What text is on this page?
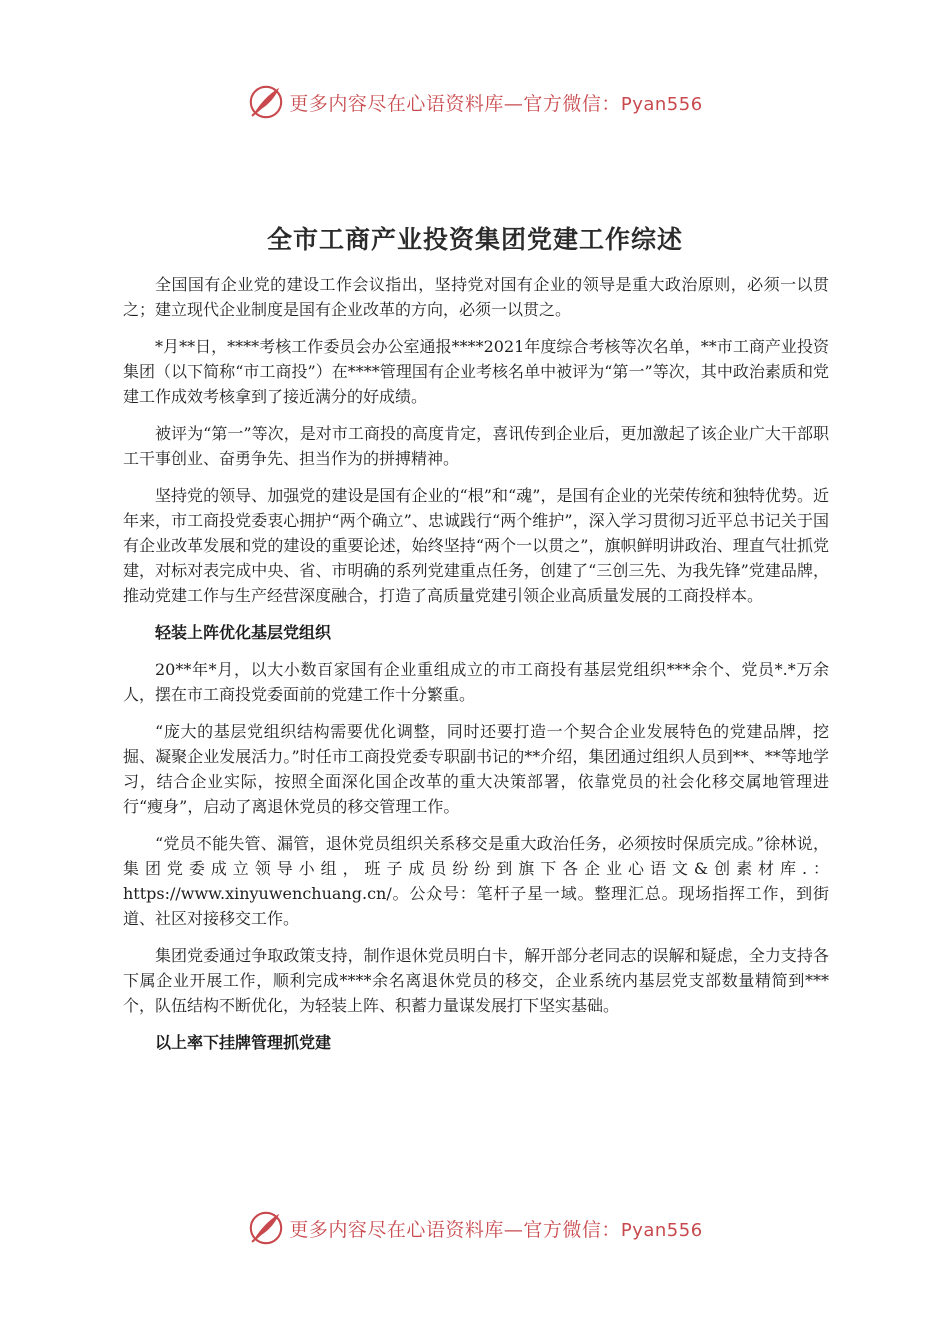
更多内容尽在心语资料库—官方微信：Pyan556
全市工商产业投资集团党建工作综述

全国国有企业党的建设工作会议指出，坚持党对国有企业的领导是重大政治原则，必须一以贯之；建立现代企业制度是国有企业改革的方向，必须一以贯之。

*月**日，****考核工作委员会办公室通报****2021年度综合考核等次名单，**市工商产业投资集团（以下简称“市工商投”）在****管理国有企业考核名单中被评为“第一”等次，其中政治素质和党建工作成效考核拿到了接近满分的好成绩。

被评为“第一”等次，是对市工商投的高度肯定，喜讯传到企业后，更加激起了该企业广大干部职工干事创业、奋勇争先、担当作为的拼搏精神。

坚持党的领导、加强党的建设是国有企业的“根”和“魂”，是国有企业的光荣传统和独特优势。近年来，市工商投党委衷心拥护“两个确立”、忠诚践行“两个维护”，深入学习贯彻习近平总书记关于国有企业改革发展和党的建设的重要论述，始终坚持“两个一以贯之”，旗帜鲜明讲政治、理直气壮抓党建，对标对表完成中央、省、市明确的系列党建重点任务，创建了“三创三先、为我先锋”党建品牌，推动党建工作与生产经营深度融合，打造了高质量党建引领企业高质量发展的工商投样本。

轻装上阵优化基层党组织

20**年*月，以大小数百家国有企业重组成立的市工商投有基层党组织***余个、党员*.*万余人，摆在市工商投党委面前的党建工作十分繁重。

“庞大的基层党组织结构需要优化调整，同时还要打造一个契合企业发展特色的党建品牌，挖掘、凝聚企业发展活力。”时任市工商投党委专职副书记的**介绍，集团通过组织人员到**、**等地学习，结合企业实际，按照全面深化国企改革的重大决策部署，依靠党员的社会化移交属地管理进行“瘦身”，启动了离退休党员的移交管理工作。

“党员不能失管、漏管，退休党员组织关系移交是重大政治任务，必须按时保质完成。”徐林说，集团党委成立领导小组，班子成员纷纷到旗下各企业心语文&创素材库.：https://www.xinyuwenchuang.cn/。公众号：笔杆子星一域。整理汇总。现场指挥工作，到街道、社区对接移交工作。

集团党委通过争取政策支持，制作退休党员明白卡，解开部分老同志的误解和疑虑，全力支持各下属企业开展工作，顺利完成****余名离退休党员的移交，企业系统内基层党支部数量精简到***个，队伍结构不断优化，为轻装上阵、积蓄力量谋发展打下坚实基础。

以上率下挂牌管理抓党建

更多内容尽在心语资料库—官方微信：Pyan556
